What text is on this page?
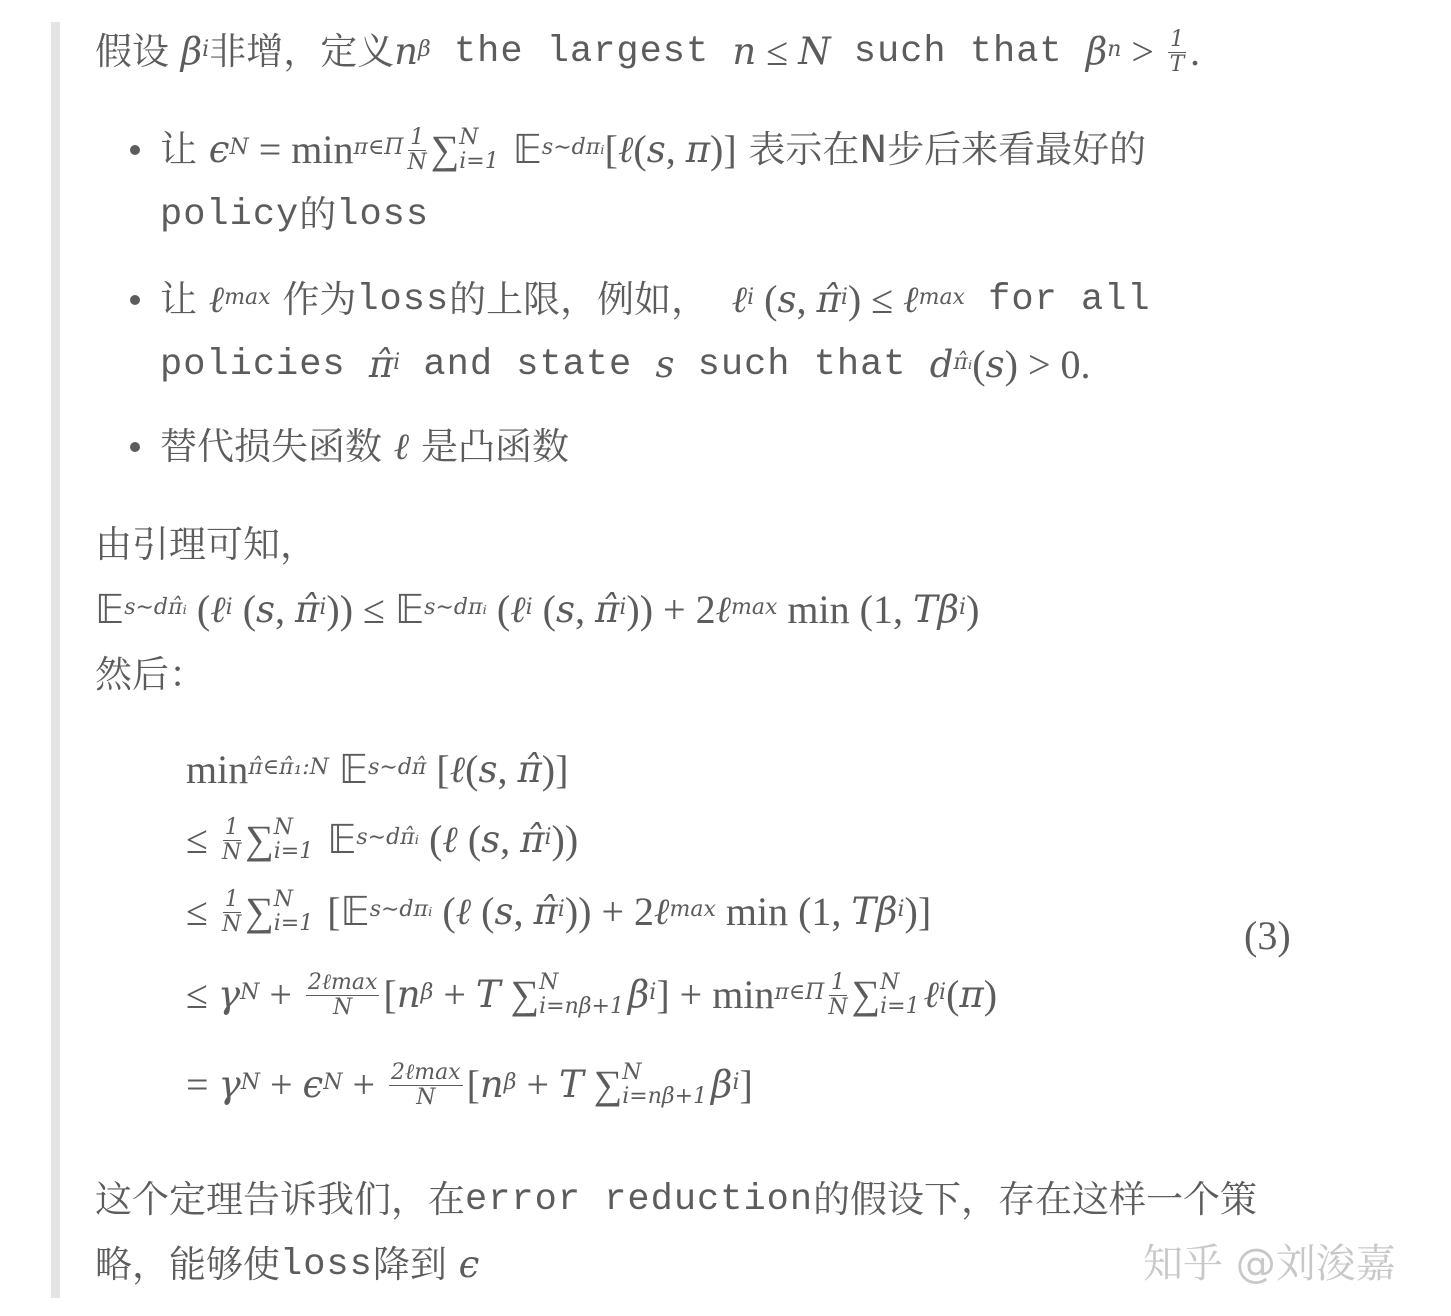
假设 β i 非增，定义 n β the largest n ≤ N such that β n > 1
T .
让 ϵ N = min π∈Π 1
N ∑ N
i=1 𝔼 s∼dπᵢ [ ℓ ( s , π )] 表示在N步后来看最好的
policy 的 loss
让 ℓ max 作为 loss 的上限，例如， ℓ i ( s , π̂ i ) ≤ ℓ max for all
policies π̂ i and state s such that d π̂ᵢ ( s ) > 0.
替代损失函数 ℓ 是凸函数
由引理可知，
𝔼 s∼dπ̂ᵢ ( ℓ i ( s , π̂ i )) ≤ 𝔼 s∼dπᵢ ( ℓ i ( s , π̂ i )) + 2 ℓ max min (1, Tβ i )
然后：
min π̂∈π̂₁:N 𝔼 s∼dπ̂ [ ℓ ( s , π̂ )]
≤ $\frac{1}{N}$ ∑ N
i=1 𝔼 s∼dπ̂ᵢ ( ℓ ( s , π̂ i ))
≤ $\frac{1}{N}$ ∑ N
i=1 [𝔼 s∼dπᵢ ( ℓ ( s , π̂ i )) + 2 ℓ max min (1, Tβ i )]
≤ γ N + 2ℓmax
N [ n β + T ∑ N
i=nβ+1 β i ] + min π∈Π 1
N ∑ N
i=1 ℓ i ( π )
= γ N + ϵ N + 2ℓmax
N [ n β + T ∑ N
i=nβ+1 β i ]
这个定理告诉我们，在 error reduction 的假设下，存在这样一个策
略，能够使 loss 降到 ϵ
(3)
知乎 @刘浚嘉
